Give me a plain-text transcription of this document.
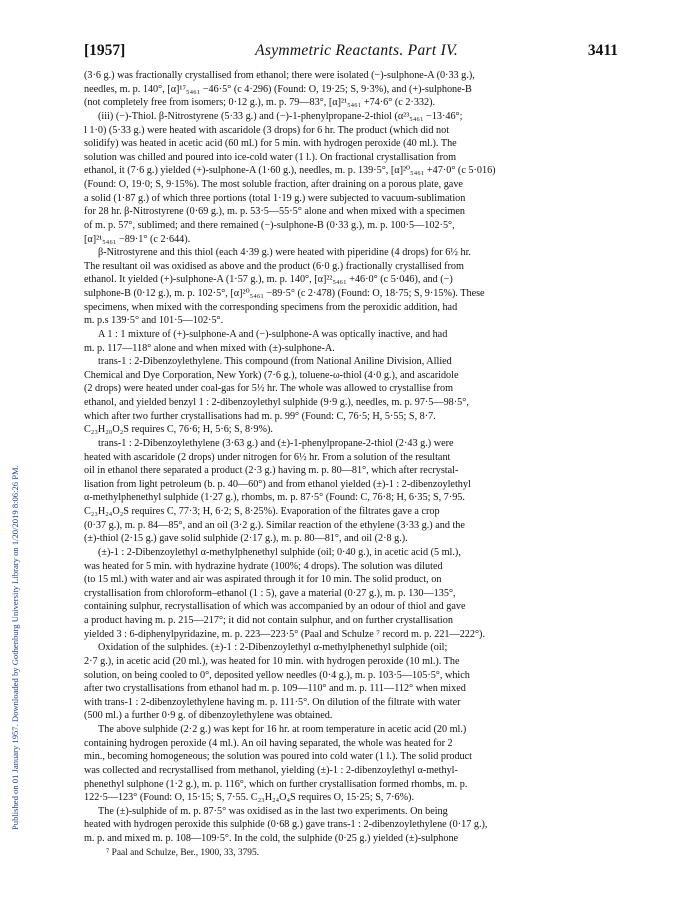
Published on 01 January 1957. Downloaded by Gothenburg University Library on 1/20/2019 8:06:26 PM.
[1957]	Asymmetric Reactants. Part IV.	3411
(3·6 g.) was fractionally crystallised from ethanol; there were isolated (−)-sulphone-A (0·33 g.),
needles, m. p. 140°, [α]¹⁷₅₄₆₁ −46·5° (c 4·296) (Found: O, 19·25; S, 9·3%), and (+)-sulphone-B
(not completely free from isomers; 0·12 g.), m. p. 79—83°, [α]²¹₅₄₆₁ +74·6° (c 2·332).
(iii) (−)-Thiol. β-Nitrostyrene (5·33 g.) and (−)-1-phenylpropane-2-thiol (α²³₅₄₆₁ −13·46°;
l 1·0) (5·33 g.) were heated with ascaridole (3 drops) for 6 hr. The product (which did not
solidify) was heated in acetic acid (60 ml.) for 5 min. with hydrogen peroxide (40 ml.). The
solution was chilled and poured into ice-cold water (1 l.). On fractional crystallisation from
ethanol, it (7·6 g.) yielded (+)-sulphone-A (1·60 g.), needles, m. p. 139·5°, [α]²⁰₅₄₆₁ +47·0° (c 5·016)
(Found: O, 19·0; S, 9·15%). The most soluble fraction, after draining on a porous plate, gave
a solid (1·87 g.) of which three portions (total 1·19 g.) were subjected to vacuum-sublimation
for 28 hr. β-Nitrostyrene (0·69 g.), m. p. 53·5—55·5° alone and when mixed with a specimen
of m. p. 57°, sublimed; and there remained (−)-sulphone-B (0·33 g.), m. p. 100·5—102·5°,
[α]²¹₅₄₆₁ −89·1° (c 2·644).
β-Nitrostyrene and this thiol (each 4·39 g.) were heated with piperidine (4 drops) for 6½ hr.
The resultant oil was oxidised as above and the product (6·0 g.) fractionally crystallised from
ethanol. It yielded (+)-sulphone-A (1·57 g.), m. p. 140°, [α]²²₅₄₆₁ +46·0° (c 5·046), and (−)
sulphone-B (0·12 g.), m. p. 102·5°, [α]²⁰₅₄₆₁ −89·5° (c 2·478) (Found: O, 18·75; S, 9·15%). These
specimens, when mixed with the corresponding specimens from the peroxidic addition, had
m. p.s 139·5° and 101·5—102·5°.
A 1 : 1 mixture of (+)-sulphone-A and (−)-sulphone-A was optically inactive, and had
m. p. 117—118° alone and when mixed with (±)-sulphone-A.
trans-1 : 2-Dibenzoylethylene. This compound (from National Aniline Division, Allied
Chemical and Dye Corporation, New York) (7·6 g.), toluene-ω-thiol (4·0 g.), and ascaridole
(2 drops) were heated under coal-gas for 5½ hr. The whole was allowed to crystallise from
ethanol, and yielded benzyl 1 : 2-dibenzoylethyl sulphide (9·9 g.), needles, m. p. 97·5—98·5°,
which after two further crystallisations had m. p. 99° (Found: C, 76·5; H, 5·55; S, 8·7.
C₂₃H₂₀O₂S requires C, 76·6; H, 5·6; S, 8·9%).
trans-1 : 2-Dibenzoylethylene (3·63 g.) and (±)-1-phenylpropane-2-thiol (2·43 g.) were
heated with ascaridole (2 drops) under nitrogen for 6½ hr. From a solution of the resultant
oil in ethanol there separated a product (2·3 g.) having m. p. 80—81°, which after recrystal-
lisation from light petroleum (b. p. 40—60°) and from ethanol yielded (±)-1 : 2-dibenzoylethyl
α-methylphenethyl sulphide (1·27 g.), rhombs, m. p. 87·5° (Found: C, 76·8; H, 6·35; S, 7·95.
C₂₃H₂₄O₂S requires C, 77·3; H, 6·2; S, 8·25%). Evaporation of the filtrates gave a crop
(0·37 g.), m. p. 84—85°, and an oil (3·2 g.). Similar reaction of the ethylene (3·33 g.) and the
(±)-thiol (2·15 g.) gave solid sulphide (2·17 g.), m. p. 80—81°, and oil (2·8 g.).
(±)-1 : 2-Dibenzoylethyl α-methylphenethyl sulphide (oil; 0·40 g.), in acetic acid (5 ml.),
was heated for 5 min. with hydrazine hydrate (100%; 4 drops). The solution was diluted
(to 15 ml.) with water and air was aspirated through it for 10 min. The solid product, on
crystallisation from chloroform–ethanol (1 : 5), gave a material (0·27 g.), m. p. 130—135°,
containing sulphur, recrystallisation of which was accompanied by an odour of thiol and gave
a product having m. p. 215—217°; it did not contain sulphur, and on further crystallisation
yielded 3 : 6-diphenylpyridazine, m. p. 223—223·5° (Paal and Schulze ⁷ record m. p. 221—222°).
Oxidation of the sulphides. (±)-1 : 2-Dibenzoylethyl α-methylphenethyl sulphide (oil;
2·7 g.), in acetic acid (20 ml.), was heated for 10 min. with hydrogen peroxide (10 ml.). The
solution, on being cooled to 0°, deposited yellow needles (0·4 g.), m. p. 103·5—105·5°, which
after two crystallisations from ethanol had m. p. 109—110° and m. p. 111—112° when mixed
with trans-1 : 2-dibenzoylethylene having m. p. 111·5°. On dilution of the filtrate with water
(500 ml.) a further 0·9 g. of dibenzoylethylene was obtained.
The above sulphide (2·2 g.) was kept for 16 hr. at room temperature in acetic acid (20 ml.)
containing hydrogen peroxide (4 ml.). An oil having separated, the whole was heated for 2
min., becoming homogeneous; the solution was poured into cold water (1 l.). The solid product
was collected and recrystallised from methanol, yielding (±)-1 : 2-dibenzoylethyl α-methyl-
phenethyl sulphone (1·2 g.), m. p. 116°, which on further crystallisation formed rhombs, m. p.
122·5—123° (Found: O, 15·15; S, 7·55. C₂₃H₂₄O₄S requires O, 15·25; S, 7·6%).
The (±)-sulphide of m. p. 87·5° was oxidised as in the last two experiments. On being
heated with hydrogen peroxide this sulphide (0·68 g.) gave trans-1 : 2-dibenzoylethylene (0·17 g.),
m. p. and mixed m. p. 108—109·5°. In the cold, the sulphide (0·25 g.) yielded (±)-sulphone
⁷ Paal and Schulze, Ber., 1900, 33, 3795.
